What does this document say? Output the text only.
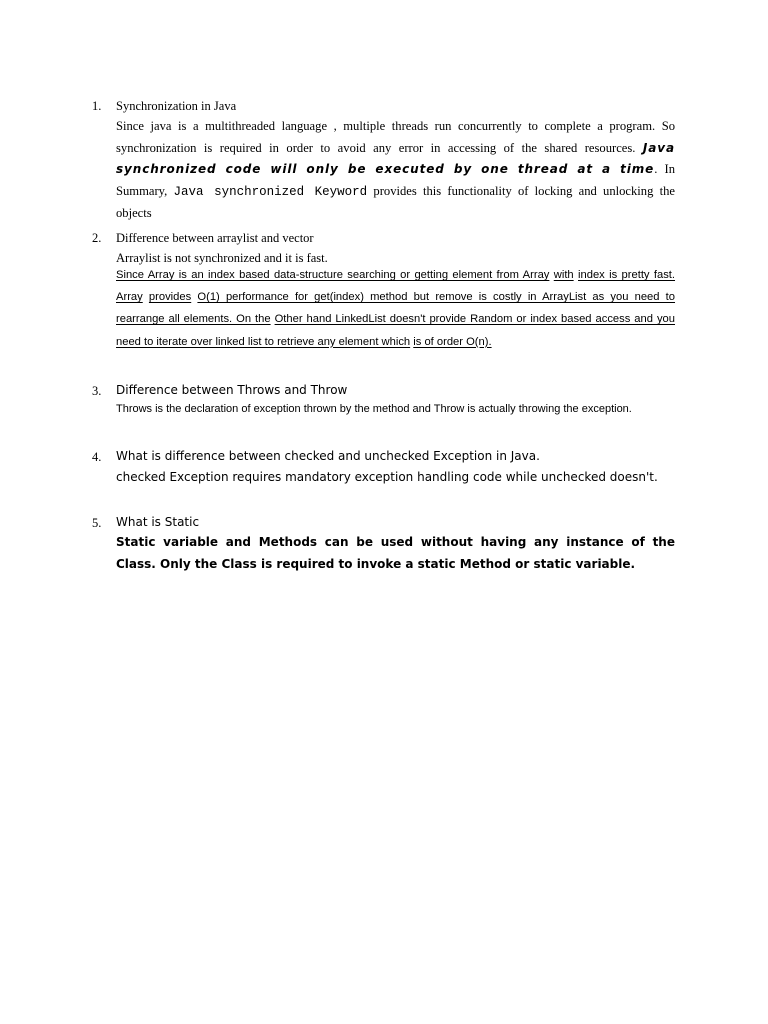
1.	Synchronization in Java

Since java is a multithreaded language , multiple threads run concurrently to complete a program. So synchronization is required in order to avoid any error in accessing of the shared resources. Java synchronized code will only be executed by one thread at a time. In Summary, Java synchronized Keyword provides this functionality of locking and unlocking the objects

2.	Difference between arraylist and vector
Arraylist is not synchronized and it is fast.

Since Array is an index based data-structure searching or getting element from Array with index is pretty fast. Array provides O(1) performance for get(index) method but remove is costly in ArrayList as you need to rearrange all elements. On the Other hand LinkedList doesn't provide Random or index based access and you need to iterate over linked list to retrieve any element which is of order O(n).

3.	Difference between Throws and Throw
Throws is the declaration of exception thrown by the method and Throw is actually throwing the exception.
4.	What is difference between checked and unchecked Exception in Java.
checked Exception requires mandatory exception handling code while unchecked doesn't.
5.	What is Static

Static variable and Methods can be used without having any instance of the Class. Only the Class is required to invoke a static Method or static variable.
